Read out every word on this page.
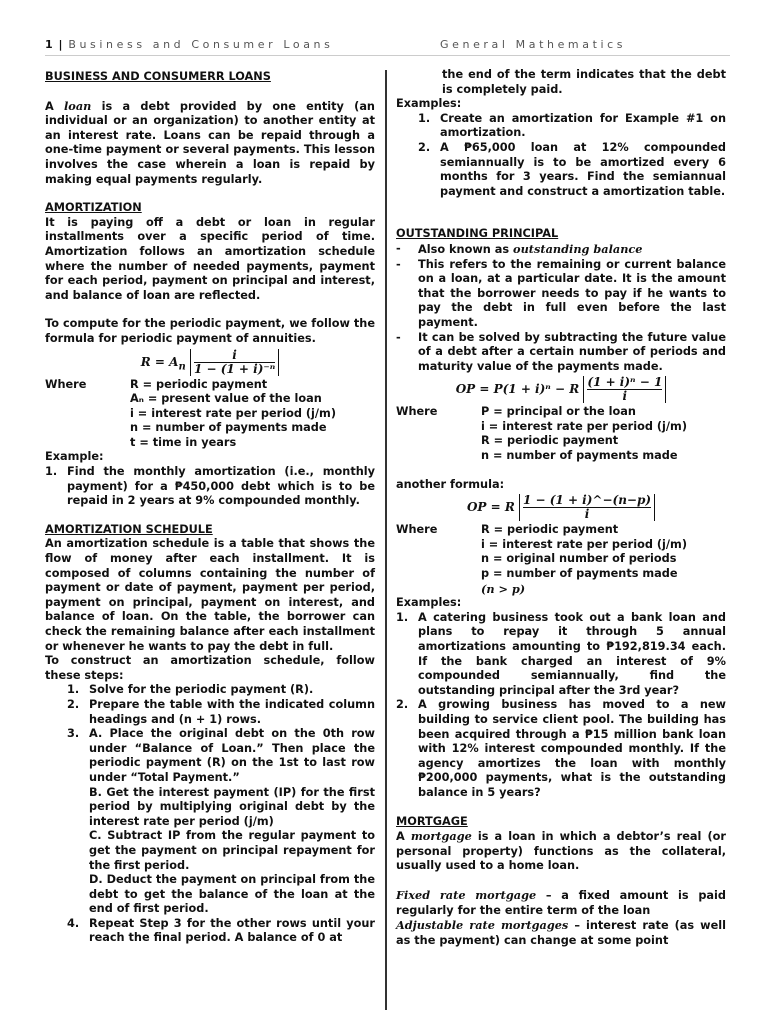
1 | Business and Consumer Loans	General Mathematics

BUSINESS AND CONSUMERR LOANS

A loan is a debt provided by one entity (an individual or an organization) to another entity at an interest rate. Loans can be repaid through a one-time payment or several payments. This lesson involves the case wherein a loan is repaid by making equal payments regularly.

AMORTIZATION

It is paying off a debt or loan in regular installments over a specific period of time. Amortization follows an amortization schedule where the number of needed payments, payment for each period, payment on principal and interest, and balance of loan are reflected.

To compute for the periodic payment, we follow the formula for periodic payment of annuities.

$R = A_n \frac{i}{\text{1 − (1 + i)⁻ⁿ}}$
Where	R = periodic payment
Aₙ = present value of the loan
i = interest rate per period (j/m)
n = number of payments made
t = time in years

Example:

1. Find the monthly amortization (i.e., monthly payment) for a ₱450,000 debt which is to be repaid in 2 years at 9% compounded monthly.

AMORTIZATION SCHEDULE

An amortization schedule is a table that shows the flow of money after each installment. It is composed of columns containing the number of payment or date of payment, payment per period, payment on principal, payment on interest, and balance of loan. On the table, the borrower can check the remaining balance after each installment or whenever he wants to pay the debt in full.

To construct an amortization schedule, follow these steps:

1. Solve for the periodic payment (R).

2. Prepare the table with the indicated column headings and (n + 1) rows.

3. A. Place the original debt on the 0th row under “Balance of Loan.” Then place the periodic payment (R) on the 1st to last row under “Total Payment.”

B. Get the interest payment (IP) for the first period by multiplying original debt by the interest rate per period (j/m)

C. Subtract IP from the regular payment to get the payment on principal repayment for the first period.

D. Deduct the payment on principal from the debt to get the balance of the loan at the end of first period.

4. Repeat Step 3 for the other rows until your reach the final period. A balance of 0 at

the end of the term indicates that the debt is completely paid.

Examples:

1. Create an amortization for Example #1 on amortization.

2. A ₱65,000 loan at 12% compounded semiannually is to be amortized every 6 months for 3 years. Find the semiannual payment and construct a amortization table.

OUTSTANDING PRINCIPAL

-	Also known as outstanding balance

-	This refers to the remaining or current balance on a loan, at a particular date. It is the amount that the borrower needs to pay if he wants to pay the debt in full even before the last payment.

-	It can be solved by subtracting the future value of a debt after a certain number of periods and maturity value of the payments made.

OP = P(1 + i)ⁿ − R $\frac{\text{(1 + i)ⁿ − 1}}{i}$
Where	P = principal or the loan
i = interest rate per period (j/m)
R = periodic payment
n = number of payments made

another formula:

OP = R $\frac{1 - (1 + i)\^{}-(n-p)}{i}$
Where	R = periodic payment
i = interest rate per period (j/m)
n = original number of periods
p = number of payments made
(n > p)

Examples:

1. A catering business took out a bank loan and plans to repay it through 5 annual amortizations amounting to ₱192,819.34 each. If the bank charged an interest of 9% compounded semiannually, find the outstanding principal after the 3rd year?

2. A growing business has moved to a new building to service client pool. The building has been acquired through a ₱15 million bank loan with 12% interest compounded monthly. If the agency amortizes the loan with monthly ₱200,000 payments, what is the outstanding balance in 5 years?

MORTGAGE

A mortgage is a loan in which a debtor’s real (or personal property) functions as the collateral, usually used to a home loan.

Fixed rate mortgage – a fixed amount is paid regularly for the entire term of the loan

Adjustable rate mortgages – interest rate (as well as the payment) can change at some point
